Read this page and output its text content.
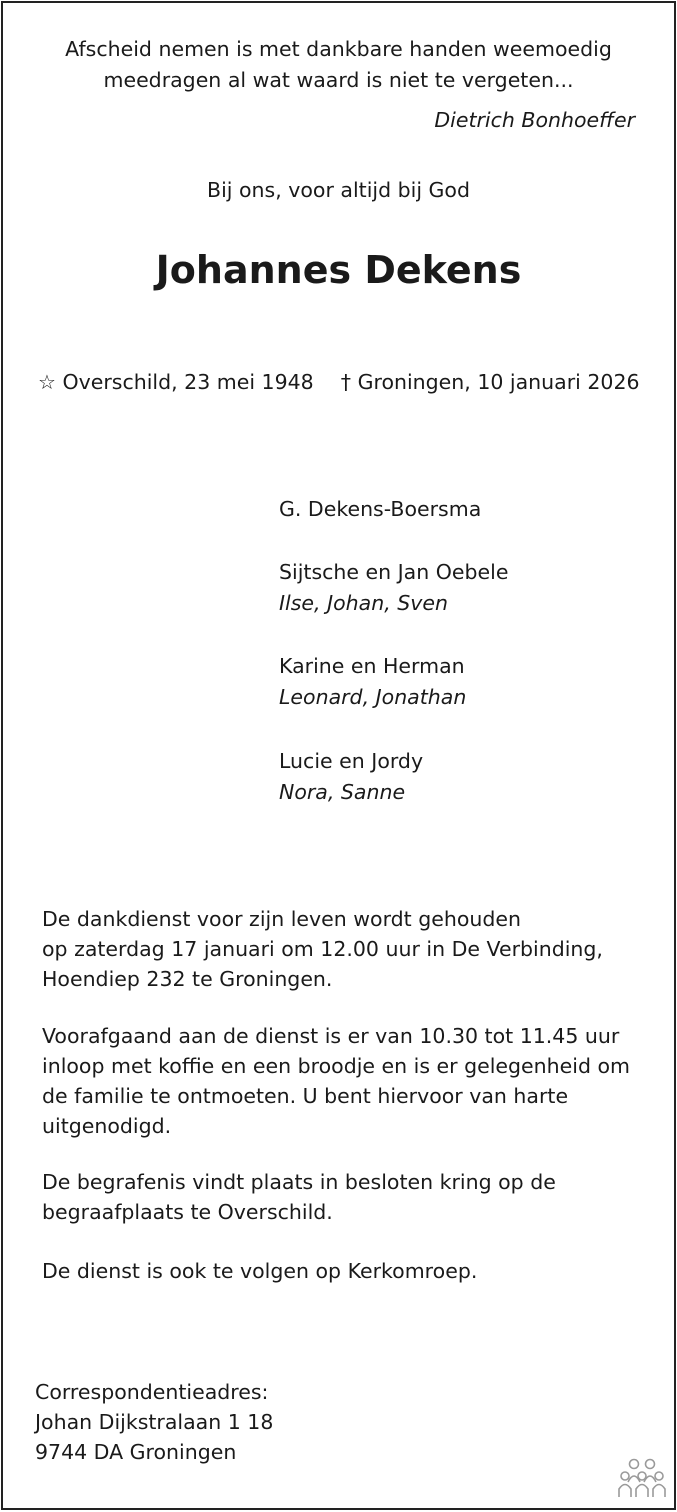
Afscheid nemen is met dankbare handen weemoedig
meedragen al wat waard is niet te vergeten...
Dietrich Bonhoeffer
Bij ons, voor altijd bij God
Johannes Dekens
☆ Overschild, 23 mei 1948 † Groningen, 10 januari 2026
G. Dekens-Boersma
Sijtsche en Jan Oebele
Ilse, Johan, Sven
Karine en Herman
Leonard, Jonathan
Lucie en Jordy
Nora, Sanne
De dankdienst voor zijn leven wordt gehouden
op zaterdag 17 januari om 12.00 uur in De Verbinding,
Hoendiep 232 te Groningen.
Voorafgaand aan de dienst is er van 10.30 tot 11.45 uur
inloop met koffie en een broodje en is er gelegenheid om
de familie te ontmoeten. U bent hiervoor van harte
uitgenodigd.
De begrafenis vindt plaats in besloten kring op de
begraafplaats te Overschild.
De dienst is ook te volgen op Kerkomroep.
Correspondentieadres:
Johan Dijkstralaan 1 18
9744 DA Groningen
